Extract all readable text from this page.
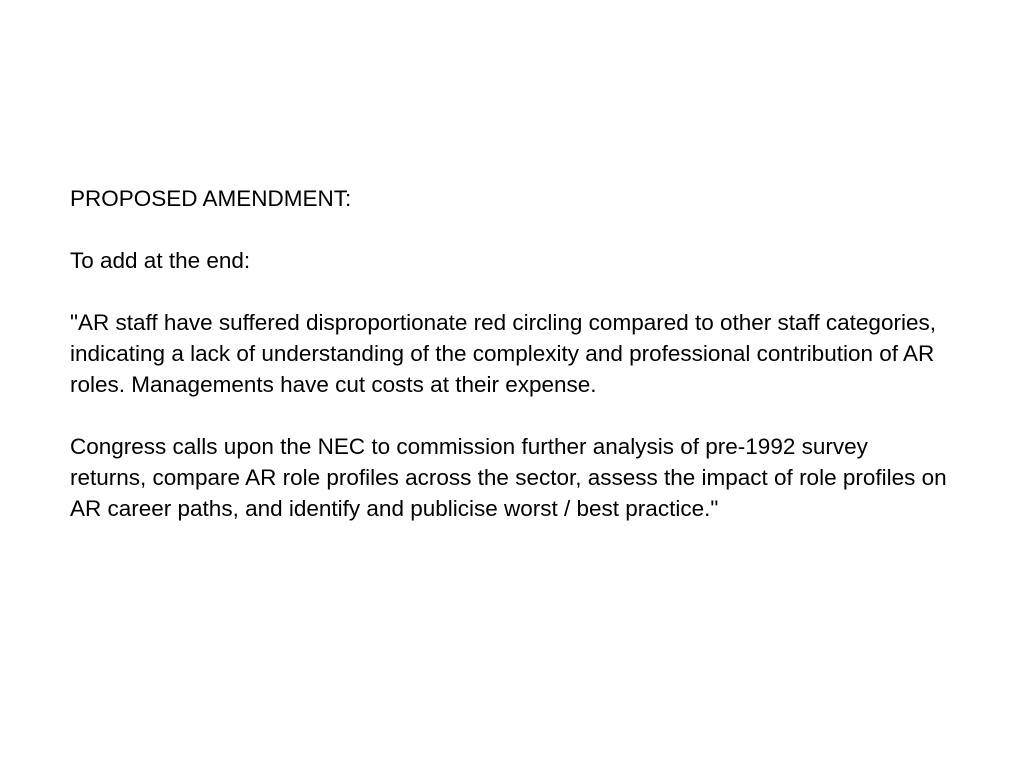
PROPOSED AMENDMENT:

To add at the end:

"AR staff have suffered disproportionate red circling compared to other staff categories, indicating a lack of understanding of the complexity and professional contribution of AR roles. Managements have cut costs at their expense.

Congress calls upon the NEC to commission further analysis of pre-1992 survey returns, compare AR role profiles across the sector, assess the impact of role profiles on AR career paths, and identify and publicise worst / best practice."
